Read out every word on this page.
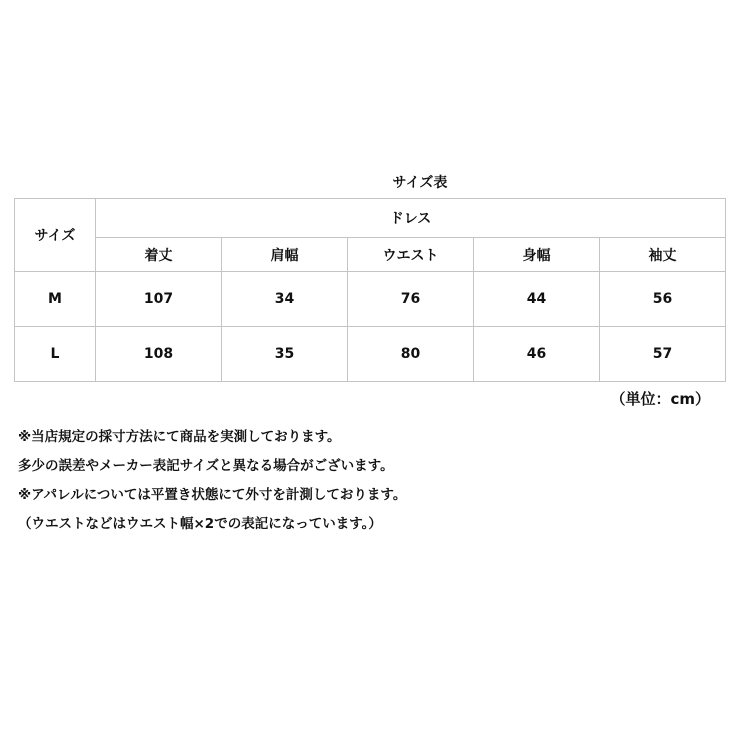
サイズ表
サイズ	ドレス				
	着丈	肩幅	ウエスト	身幅	袖丈
M	107	34	76	44	56
L	108	35	80	46	57
（単位：cm）
※当店規定の採寸方法にて商品を実測しております。
多少の誤差やメーカー表記サイズと異なる場合がございます。
※アパレルについては平置き状態にて外寸を計測しております。
（ウエストなどはウエスト幅×2での表記になっています。）
